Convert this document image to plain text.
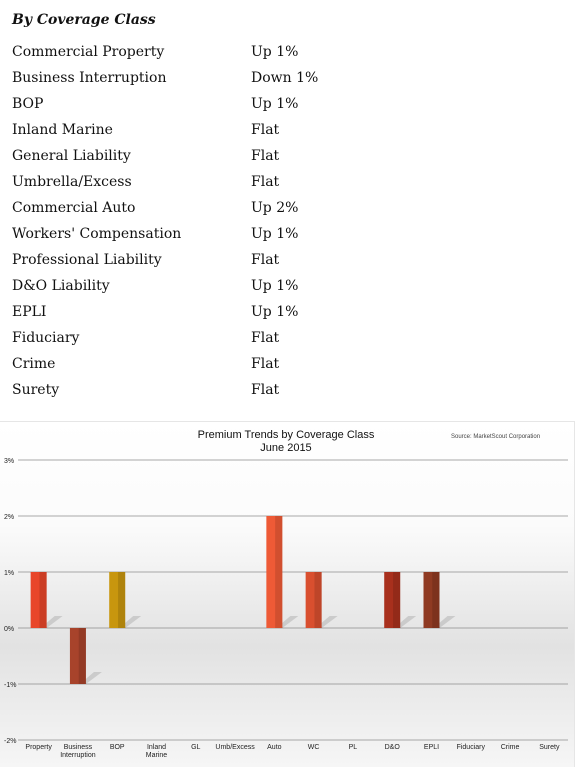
By Coverage Class
Commercial Property	Up 1%
Business Interruption	Down 1%
BOP	Up 1%
Inland Marine	Flat
General Liability	Flat
Umbrella/Excess	Flat
Commercial Auto	Up 2%
Workers' Compensation	Up 1%
Professional Liability	Flat
D&O Liability	Up 1%
EPLI	Up 1%
Fiduciary	Flat
Crime	Flat
Surety	Flat
Premium Trends by Coverage Class
June 2015
Source: MarketScout Corporation
-2%
-1%
0%
1%
2%
3%
Property Business
Interruption
BOP	Inland
Marine
GL Umb/Excess Auto	WC	PL	D&O	EPLI Fiduciary Crime	Surety
